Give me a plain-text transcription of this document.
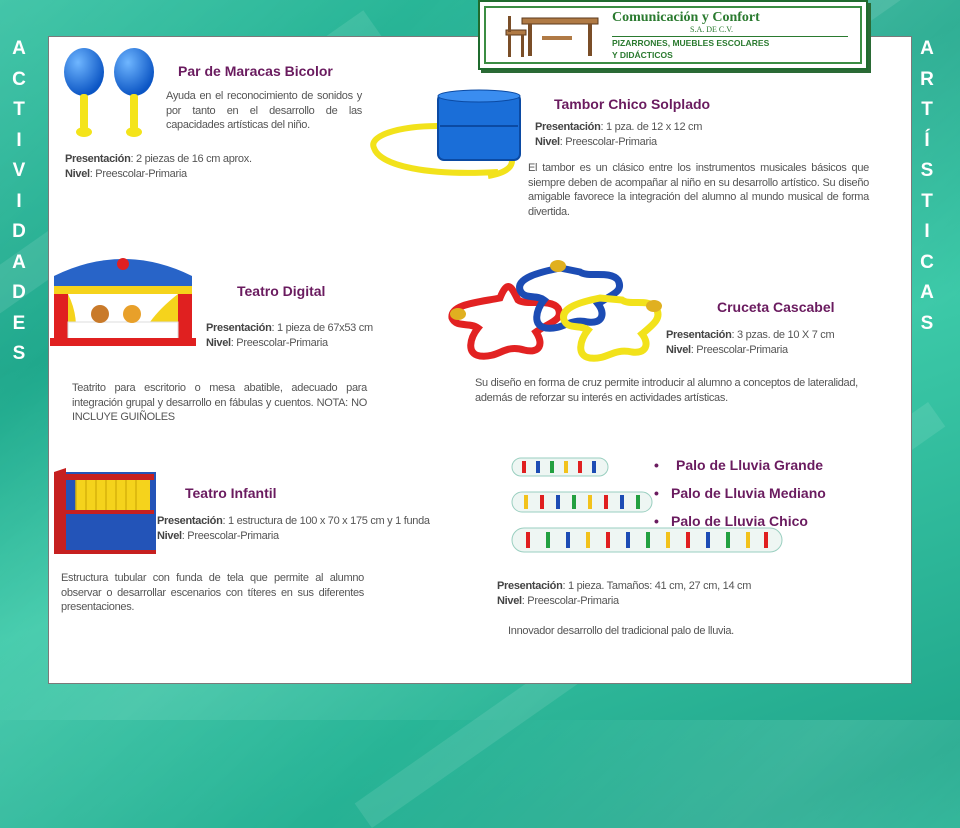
A
C
T
I
V
I
D
A
D
E
S
A
R
T
Í
S
T
I
C
A
S
Comunicación y Confort
S.A. DE C.V.
PIZARRONES, MUEBLES ESCOLARES
Y DIDÁCTICOS
Par de Maracas Bicolor
Ayuda en el reconocimiento de sonidos y por tanto en el desarrollo de las capacidades artísticas del niño.
Presentación: 2 piezas de 16 cm aprox.
Nivel: Preescolar-Primaria
Tambor Chico Solplado
Presentación: 1 pza. de 12 x 12 cm
Nivel: Preescolar-Primaria
El tambor es un clásico entre los instrumentos musicales básicos que siempre deben de acompañar al niño en su desarrollo artístico. Su diseño amigable favorece la integración del alumno al mundo musical de forma divertida.
Teatro Digital
Presentación: 1 pieza de 67x53 cm
Nivel: Preescolar-Primaria
Teatrito para escritorio o mesa abatible, adecuado para integración grupal y desarrollo en fábulas y cuentos. NOTA: NO INCLUYE GUIÑOLES
Cruceta Cascabel
Presentación: 3 pzas. de 10 X 7 cm
Nivel: Preescolar-Primaria
Su diseño en forma de cruz permite introducir al alumno a conceptos de lateralidad, además de reforzar su interés en actividades artísticas.
Teatro Infantil
Presentación: 1 estructura de 100 x 70 x 175 cm y 1 funda
Nivel: Preescolar-Primaria
Estructura tubular con funda de tela que permite al alumno observar o desarrollar escenarios con títeres en sus diferentes presentaciones.
• Palo de Lluvia Grande
• Palo de Lluvia Mediano
• Palo de Lluvia Chico
Presentación: 1 pieza. Tamaños: 41 cm, 27 cm, 14 cm
Nivel: Preescolar-Primaria
Innovador desarrollo del tradicional palo de lluvia.
